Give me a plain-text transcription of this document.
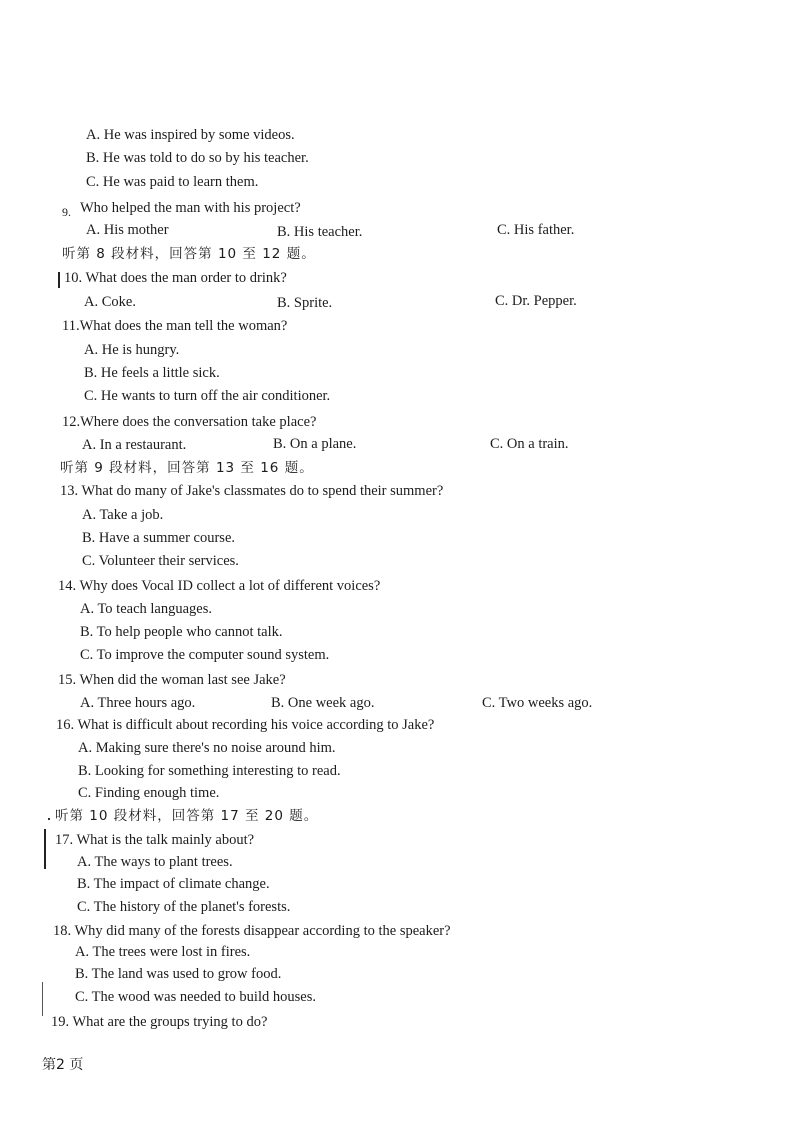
A. He was inspired by some videos.
B. He was told to do so by his teacher.
C. He was paid to learn them.
9. Who helped the man with his project?
A. His mother	B. His teacher.	C. His father.
听第 8 段材料，回答第 10 至 12 题。
10. What does the man order to drink?
A. Coke.	B. Sprite.	C. Dr. Pepper.
11.What does the man tell the woman?
A. He is hungry.
B. He feels a little sick.
C. He wants to turn off the air conditioner.
12.Where does the conversation take place?
A. In a restaurant.	B. On a plane.	C. On a train.
听第 9 段材料，回答第 13 至 16 题。
13. What do many of Jake's classmates do to spend their summer?
A. Take a job.
B. Have a summer course.
C. Volunteer their services.
14. Why does Vocal ID collect a lot of different voices?
A. To teach languages.
B. To help people who cannot talk.
C. To improve the computer sound system.
15. When did the woman last see Jake?
A. Three hours ago.	B. One week ago.	C. Two weeks ago.
16. What is difficult about recording his voice according to Jake?
A. Making sure there's no noise around him.
B. Looking for something interesting to read.
C. Finding enough time.
听第 10 段材料，回答第 17 至 20 题。
17. What is the talk mainly about?
A. The ways to plant trees.
B. The impact of climate change.
C. The history of the planet's forests.
18. Why did many of the forests disappear according to the speaker?
A. The trees were lost in fires.
B. The land was used to grow food.
C. The wood was needed to build houses.
19. What are the groups trying to do?
第2 页
